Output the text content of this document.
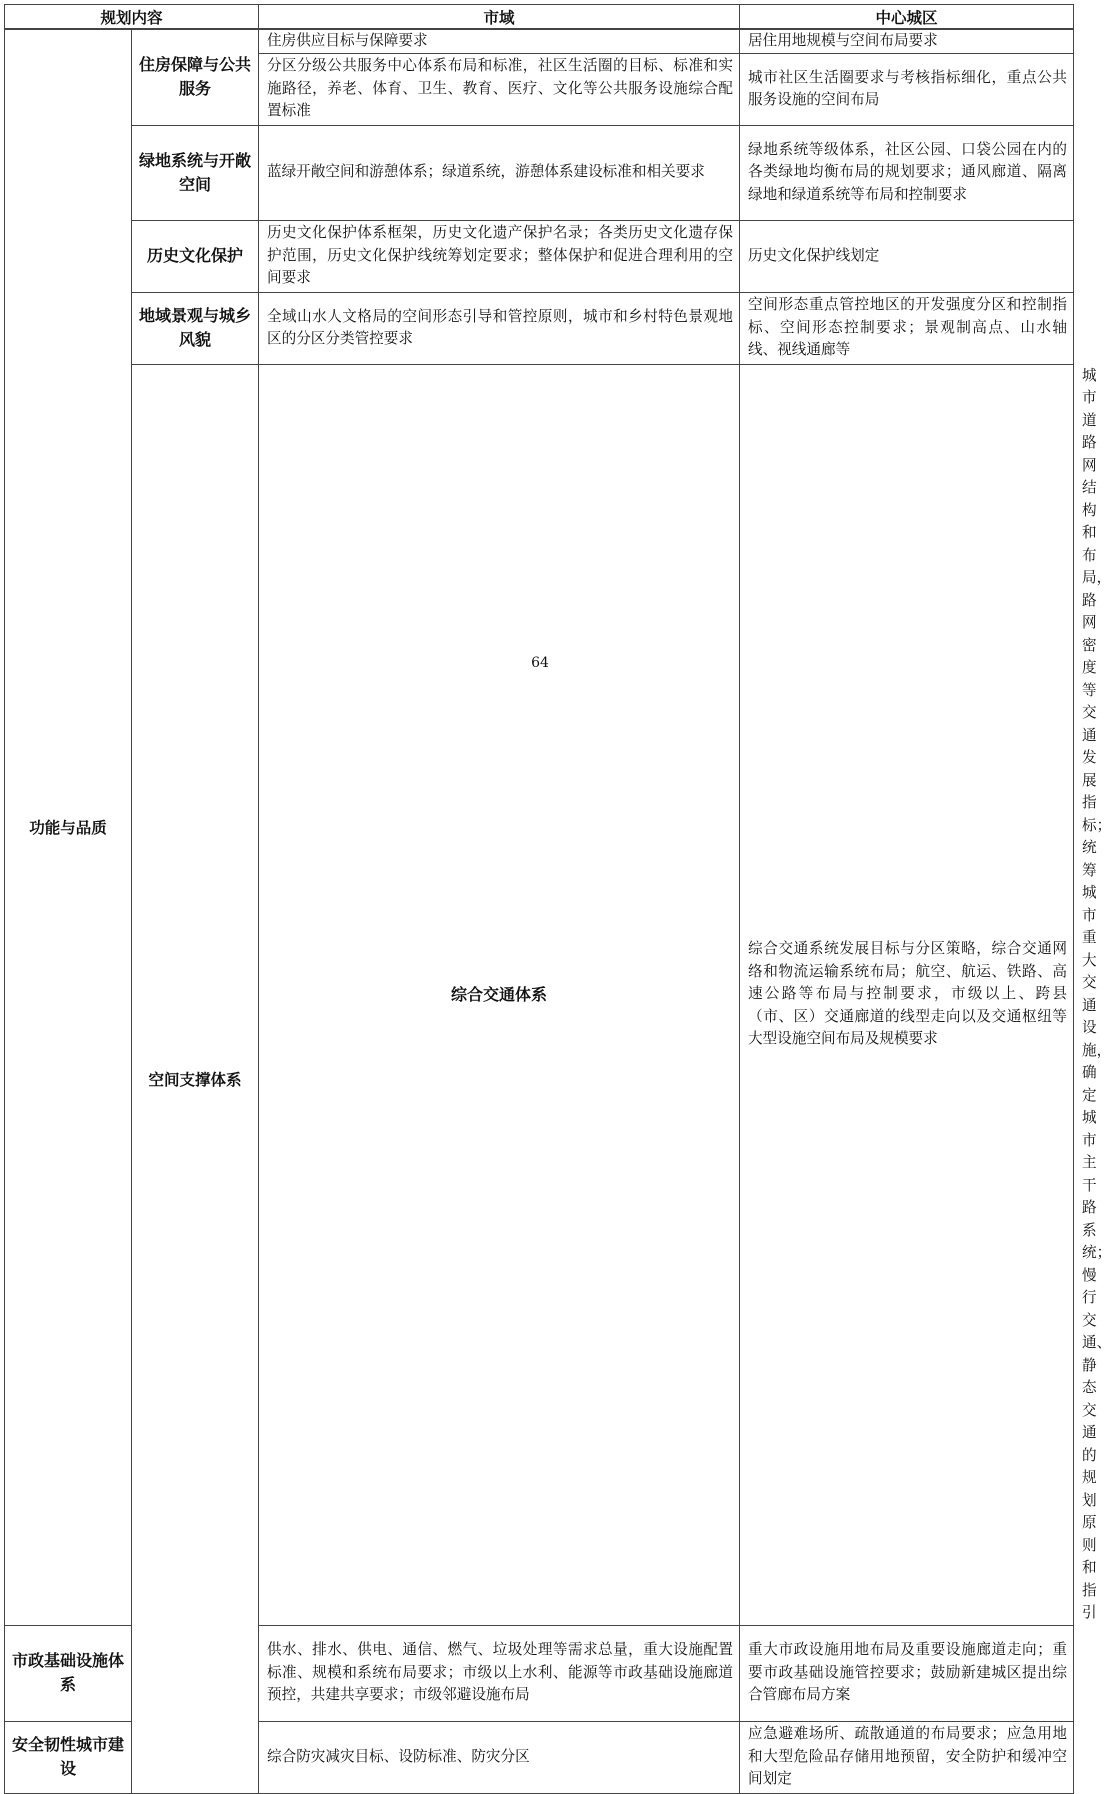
规划内容		市域	中心城区	
功能与品质	住房保障与公共服务	住房供应目标与保障要求	居住用地规模与空间布局要求	
		分区分级公共服务中心体系布局和标准，社区生活圈的目标、标准和实施路径，养老、体育、卫生、教育、医疗、文化等公共服务设施综合配置标准	城市社区生活圈要求与考核指标细化，重点公共服务设施的空间布局	
	绿地系统与开敞空间	蓝绿开敞空间和游憩体系；绿道系统，游憩体系建设标准和相关要求	绿地系统等级体系，社区公园、口袋公园在内的各类绿地均衡布局的规划要求；通风廊道、隔离绿地和绿道系统等布局和控制要求	
	历史文化保护	历史文化保护体系框架，历史文化遗产保护名录；各类历史文化遗存保护范围，历史文化保护线统筹划定要求；整体保护和促进合理利用的空间要求	历史文化保护线划定	
	地域景观与城乡风貌	全域山水人文格局的空间形态引导和管控原则，城市和乡村特色景观地区的分区分类管控要求	空间形态重点管控地区的开发强度分区和控制指标、空间形态控制要求；景观制高点、山水轴线、视线通廊等	
	空间支撑体系	综合交通体系	综合交通系统发展目标与分区策略，综合交通网络和物流运输系统布局；航空、航运、铁路、高速公路等布局与控制要求，市级以上、跨县（市、区）交通廊道的线型走向以及交通枢纽等大型设施空间布局及规模要求	城市道路网结构和布局，路网密度等交通发展指标；统筹城市重大交通设施，确定城市主干路系统；慢行交通、静态交通的规划原则和指引
市政基础设施体系		供水、排水、供电、通信、燃气、垃圾处理等需求总量，重大设施配置标准、规模和系统布局要求；市级以上水利、能源等市政基础设施廊道预控，共建共享要求；市级邻避设施布局	重大市政设施用地布局及重要设施廊道走向；重要市政基础设施管控要求；鼓励新建城区提出综合管廊布局方案	
安全韧性城市建设		综合防灾减灾目标、设防标准、防灾分区	应急避难场所、疏散通道的布局要求；应急用地和大型危险品存储用地预留，安全防护和缓冲空间划定	
64
